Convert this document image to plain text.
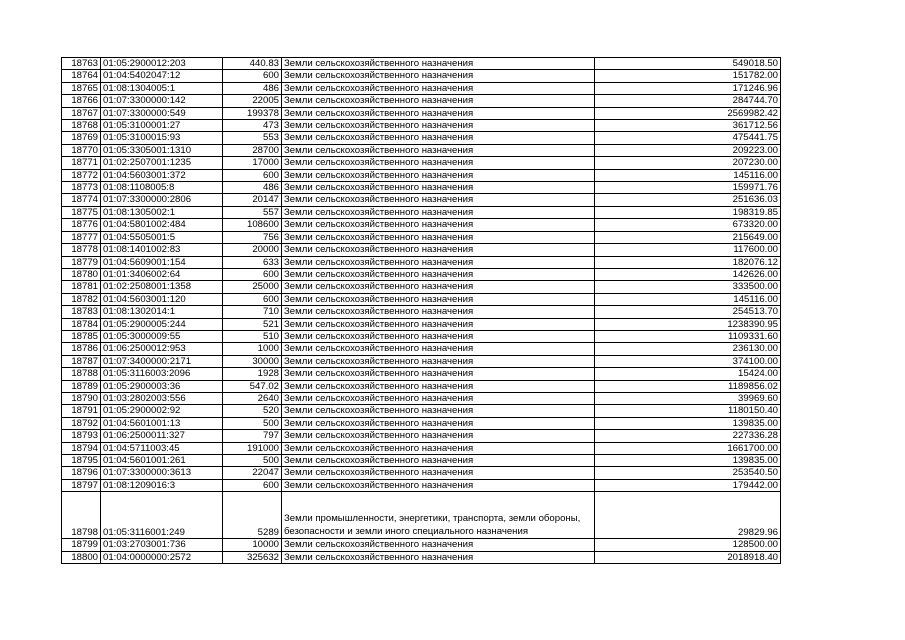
18763	01:05:2900012:203	440.83	Земли сельскохозяйственного назначения	549018.50
18764	01:04:5402047:12	600	Земли сельскохозяйственного назначения	151782.00
18765	01:08:1304005:1	486	Земли сельскохозяйственного назначения	171246.96
18766	01:07:3300000:142	22005	Земли сельскохозяйственного назначения	284744.70
18767	01:07:3300000:549	199378	Земли сельскохозяйственного назначения	2569982.42
18768	01:05:3100001:27	473	Земли сельскохозяйственного назначения	361712.56
18769	01:05:3100015:93	553	Земли сельскохозяйственного назначения	475441.75
18770	01:05:3305001:1310	28700	Земли сельскохозяйственного назначения	209223.00
18771	01:02:2507001:1235	17000	Земли сельскохозяйственного назначения	207230.00
18772	01:04:5603001:372	600	Земли сельскохозяйственного назначения	145116.00
18773	01:08:1108005:8	486	Земли сельскохозяйственного назначения	159971.76
18774	01:07:3300000:2806	20147	Земли сельскохозяйственного назначения	251636.03
18775	01:08:1305002:1	557	Земли сельскохозяйственного назначения	198319.85
18776	01:04:5801002:484	108600	Земли сельскохозяйственного назначения	673320.00
18777	01:04:5505001:5	756	Земли сельскохозяйственного назначения	215649.00
18778	01:08:1401002:83	20000	Земли сельскохозяйственного назначения	117600.00
18779	01:04:5609001:154	633	Земли сельскохозяйственного назначения	182076.12
18780	01:01:3406002:64	600	Земли сельскохозяйственного назначения	142626.00
18781	01:02:2508001:1358	25000	Земли сельскохозяйственного назначения	333500.00
18782	01:04:5603001:120	600	Земли сельскохозяйственного назначения	145116.00
18783	01:08:1302014:1	710	Земли сельскохозяйственного назначения	254513.70
18784	01:05:2900005:244	521	Земли сельскохозяйственного назначения	1238390.95
18785	01:05:3000009:55	510	Земли сельскохозяйственного назначения	1109331.60
18786	01:06:2500012:953	1000	Земли сельскохозяйственного назначения	236130.00
18787	01:07:3400000:2171	30000	Земли сельскохозяйственного назначения	374100.00
18788	01:05:3116003:2096	1928	Земли сельскохозяйственного назначения	15424.00
18789	01:05:2900003:36	547.02	Земли сельскохозяйственного назначения	1189856.02
18790	01:03:2802003:556	2640	Земли сельскохозяйственного назначения	39969.60
18791	01:05:2900002:92	520	Земли сельскохозяйственного назначения	1180150.40
18792	01:04:5601001:13	500	Земли сельскохозяйственного назначения	139835.00
18793	01:06:2500011:327	797	Земли сельскохозяйственного назначения	227336.28
18794	01:04:5711003:45	191000	Земли сельскохозяйственного назначения	1661700.00
18795	01:04:5601001:261	500	Земли сельскохозяйственного назначения	139835.00
18796	01:07:3300000:3613	22047	Земли сельскохозяйственного назначения	253540.50
18797	01:08:1209016:3	600	Земли сельскохозяйственного назначения	179442.00
18798	01:05:3116001:249	5289	Земли промышленности, энергетики, транспорта, земли обороны, безопасности и земли иного специального назначения	29829.96
18799	01:03:2703001:736	10000	Земли сельскохозяйственного назначения	128500.00
18800	01:04:0000000:2572	325632	Земли сельскохозяйственного назначения	2018918.40
